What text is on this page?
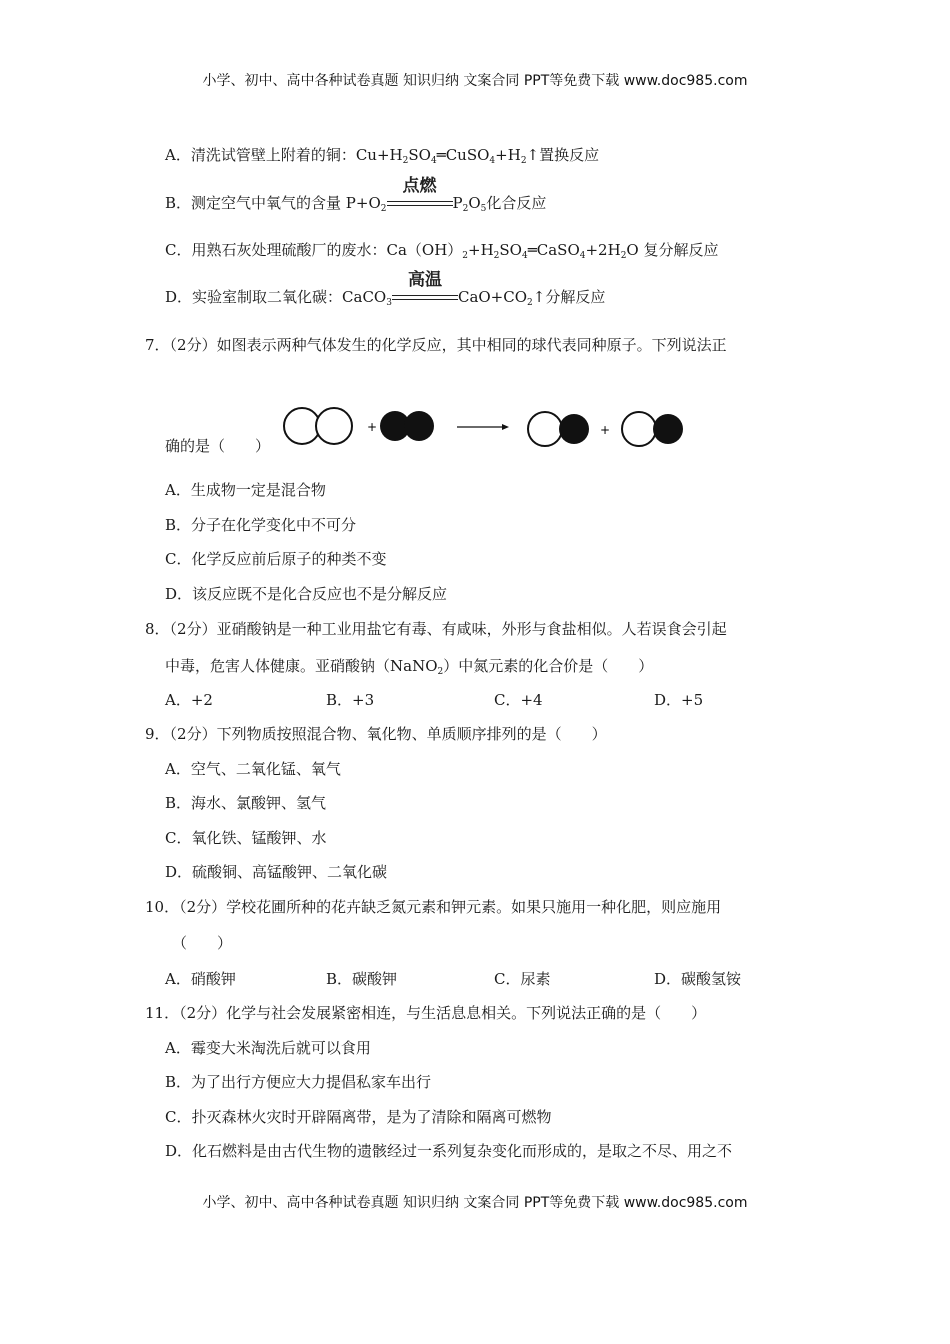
小学、初中、高中各种试卷真题 知识归纳 文案合同 PPT等免费下载 www.doc985.com
A．清洗试管壁上附着的铜：$Cu+H_2SO_4═CuSO_4+H_2↑$置换反应
B．测定空气中氧气的含量 $P+O_2$
点燃
$P_2O_5$化合反应
C．用熟石灰处理硫酸厂的废水：$Ca(OH)_2+H_2SO_4═CaSO_4+2H_2O$ 复分解反应
D．实验室制取二氧化碳：CaCO$_3$
高温
$CaO+CO_2↑$分解反应
7．（2分）如图表示两种气体发生的化学反应，其中相同的球代表同种原子。下列说法正
+	+
确的是（　　）
A．生成物一定是混合物
B．分子在化学变化中不可分
C．化学反应前后原子的种类不变
D．该反应既不是化合反应也不是分解反应
8．（2分）亚硝酸钠是一种工业用盐它有毒、有咸味，外形与食盐相似。人若误食会引起
中毒，危害人体健康。亚硝酸钠（NaNO$_2$）中氮元素的化合价是（　　）
A．+2	B．+3	C．+4	D．+5
9．（2分）下列物质按照混合物、氧化物、单质顺序排列的是（　　）
A．空气、二氧化锰、氧气
B．海水、氯酸钾、氢气
C．氧化铁、锰酸钾、水
D．硫酸铜、高锰酸钾、二氧化碳
10．（2分）学校花圃所种的花卉缺乏氮元素和钾元素。如果只施用一种化肥，则应施用
（　　）
A．硝酸钾	B．碳酸钾	C．尿素	D．碳酸氢铵
11．（2分）化学与社会发展紧密相连，与生活息息相关。下列说法正确的是（　　）
A．霉变大米淘洗后就可以食用
B．为了出行方便应大力提倡私家车出行
C．扑灭森林火灾时开辟隔离带，是为了清除和隔离可燃物
D．化石燃料是由古代生物的遗骸经过一系列复杂变化而形成的，是取之不尽、用之不
小学、初中、高中各种试卷真题 知识归纳 文案合同 PPT等免费下载 www.doc985.com
